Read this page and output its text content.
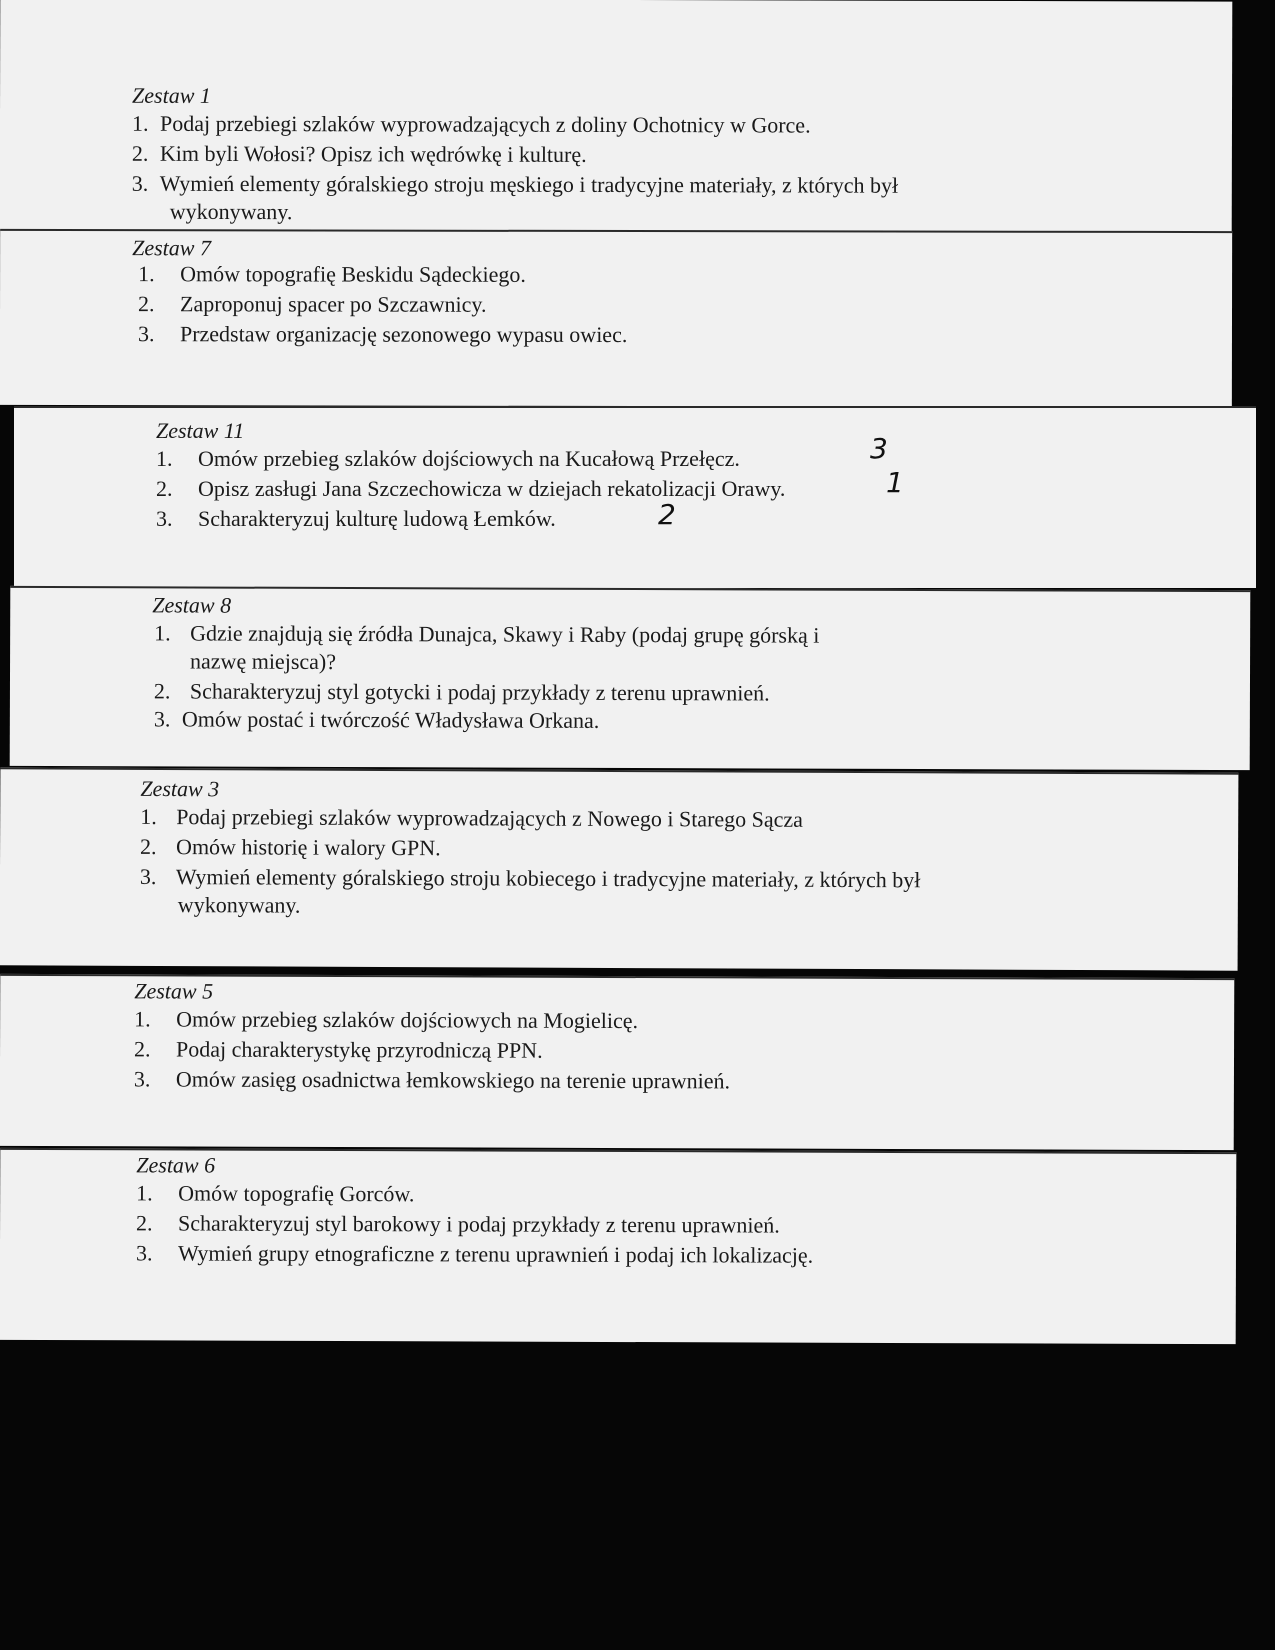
Zestaw 1
1. Podaj przebiegi szlaków wyprowadzających z doliny Ochotnicy w Gorce.
2. Kim byli Wołosi? Opisz ich wędrówkę i kulturę.
3. Wymień elementy góralskiego stroju męskiego i tradycyjne materiały, z których był
wykonywany.
Zestaw 7
1. Omów topografię Beskidu Sądeckiego.
2. Zaproponuj spacer po Szczawnicy.
3. Przedstaw organizację sezonowego wypasu owiec.
Zestaw 11
1. Omów przebieg szlaków dojściowych na Kucałową Przełęcz.
2. Opisz zasługi Jana Szczechowicza w dziejach rekatolizacji Orawy.
3. Scharakteryzuj kulturę ludową Łemków.
3
1
2
Zestaw 8
1. Gdzie znajdują się źródła Dunajca, Skawy i Raby (podaj grupę górską i
nazwę miejsca)?
2. Scharakteryzuj styl gotycki i podaj przykłady z terenu uprawnień.
3. Omów postać i twórczość Władysława Orkana.
Zestaw 3
1. Podaj przebiegi szlaków wyprowadzających z Nowego i Starego Sącza
2. Omów historię i walory GPN.
3. Wymień elementy góralskiego stroju kobiecego i tradycyjne materiały, z których był
wykonywany.
Zestaw 5
1. Omów przebieg szlaków dojściowych na Mogielicę.
2. Podaj charakterystykę przyrodniczą PPN.
3. Omów zasięg osadnictwa łemkowskiego na terenie uprawnień.
Zestaw 6
1. Omów topografię Gorców.
2. Scharakteryzuj styl barokowy i podaj przykłady z terenu uprawnień.
3. Wymień grupy etnograficzne z terenu uprawnień i podaj ich lokalizację.
